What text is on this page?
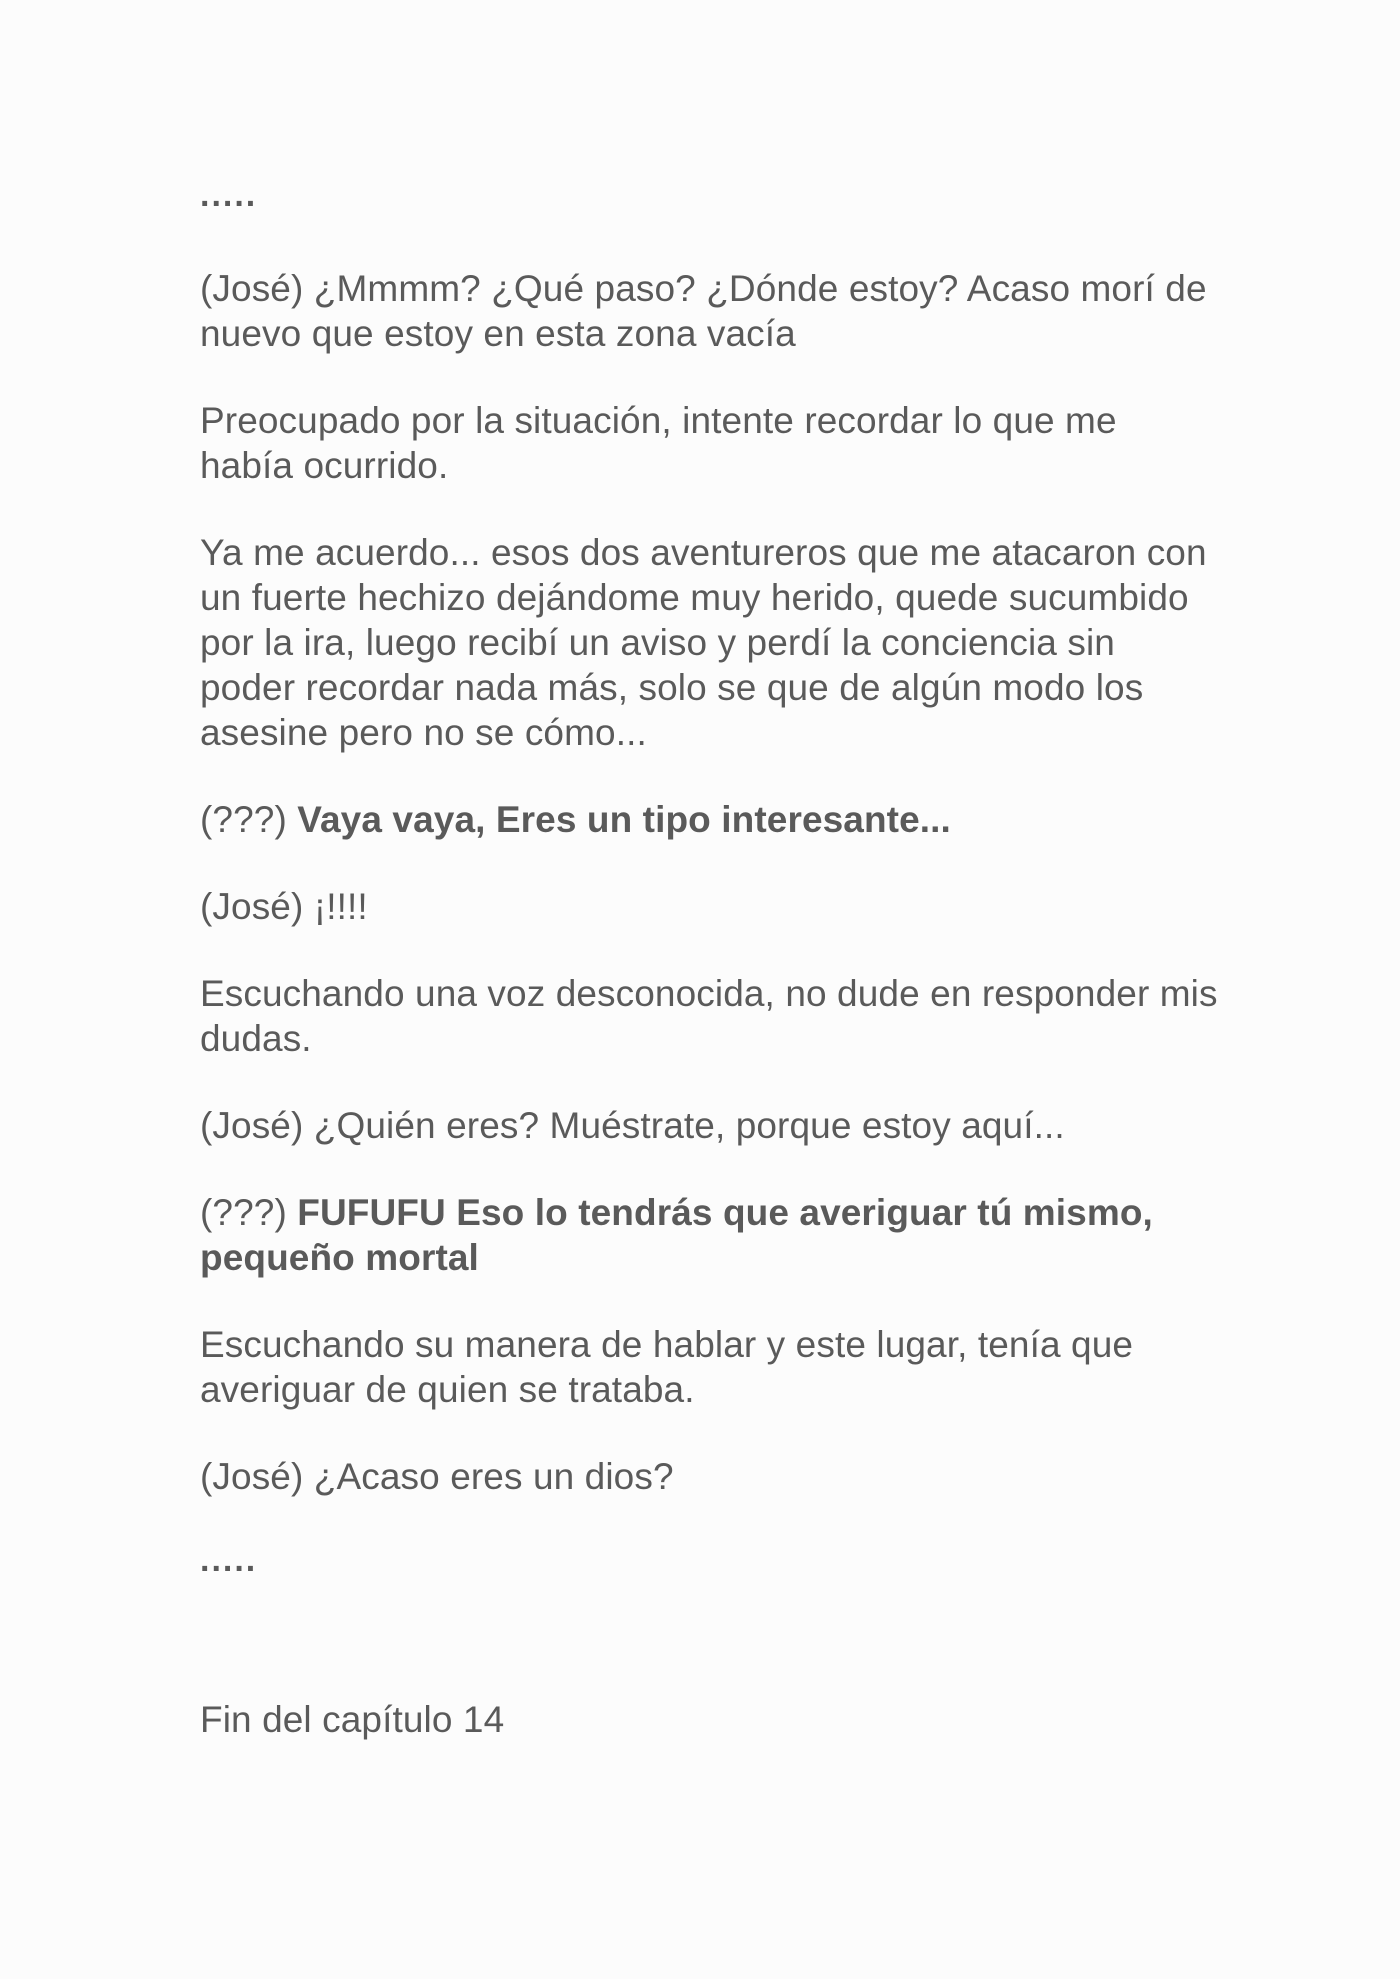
.....

(José) ¿Mmmm? ¿Qué paso? ¿Dónde estoy? Acaso morí de nuevo que estoy en esta zona vacía

Preocupado por la situación, intente recordar lo que me había ocurrido.

Ya me acuerdo... esos dos aventureros que me atacaron con un fuerte hechizo dejándome muy herido, quede sucumbido por la ira, luego recibí un aviso y perdí la conciencia sin poder recordar nada más, solo se que de algún modo los asesine pero no se cómo...

(???) Vaya vaya, Eres un tipo interesante...

(José) ¡!!!!

Escuchando una voz desconocida, no dude en responder mis dudas.

(José) ¿Quién eres? Muéstrate, porque estoy aquí...

(???) FUFUFU Eso lo tendrás que averiguar tú mismo, pequeño mortal

Escuchando su manera de hablar y este lugar, tenía que averiguar de quien se trataba.

(José) ¿Acaso eres un dios?

.....

Fin del capítulo 14
